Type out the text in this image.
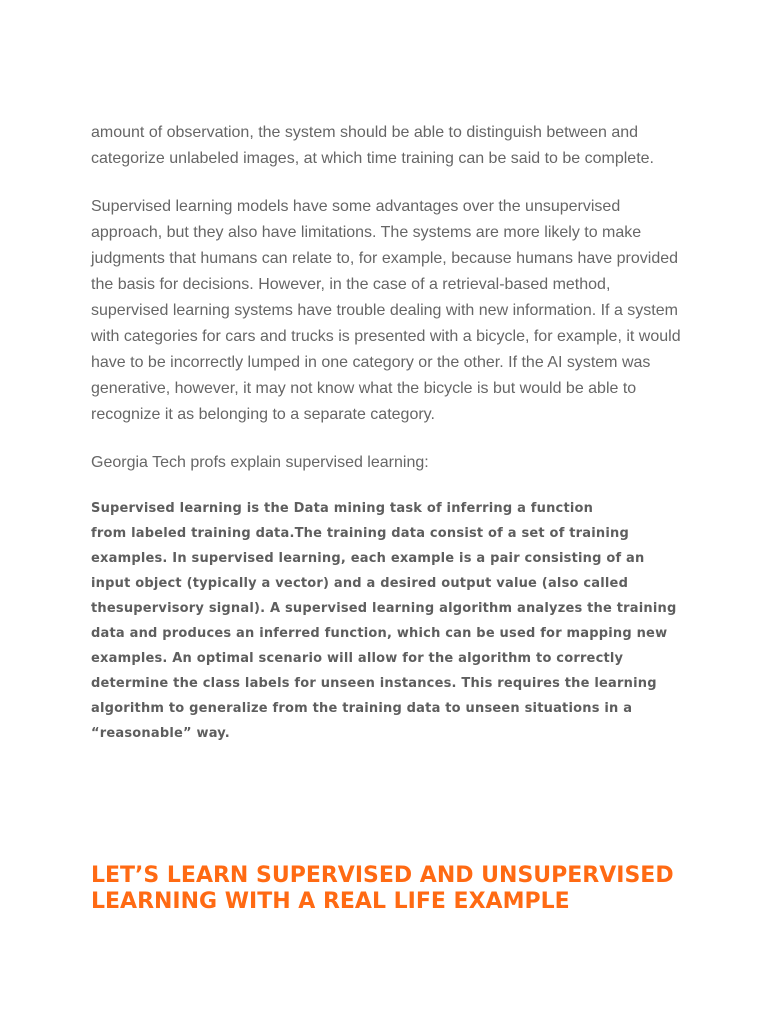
amount of observation, the system should be able to distinguish between and categorize unlabeled images, at which time training can be said to be complete.

Supervised learning models have some advantages over the unsupervised approach, but they also have limitations. The systems are more likely to make judgments that humans can relate to, for example, because humans have provided the basis for decisions. However, in the case of a retrieval-based method, supervised learning systems have trouble dealing with new information. If a system with categories for cars and trucks is presented with a bicycle, for example, it would have to be incorrectly lumped in one category or the other. If the AI system was generative, however, it may not know what the bicycle is but would be able to recognize it as belonging to a separate category.

Georgia Tech profs explain supervised learning:

Supervised learning is the Data mining task of inferring a function
from labeled training data.The training data consist of a set of training
examples. In supervised learning, each example is a pair consisting of an
input object (typically a vector) and a desired output value (also called
thesupervisory signal). A supervised learning algorithm analyzes the training
data and produces an inferred function, which can be used for mapping new
examples. An optimal scenario will allow for the algorithm to correctly
determine the class labels for unseen instances. This requires the learning
algorithm to generalize from the training data to unseen situations in a
“reasonable” way.
LET’S LEARN SUPERVISED AND UNSUPERVISED
LEARNING WITH A REAL LIFE EXAMPLE
